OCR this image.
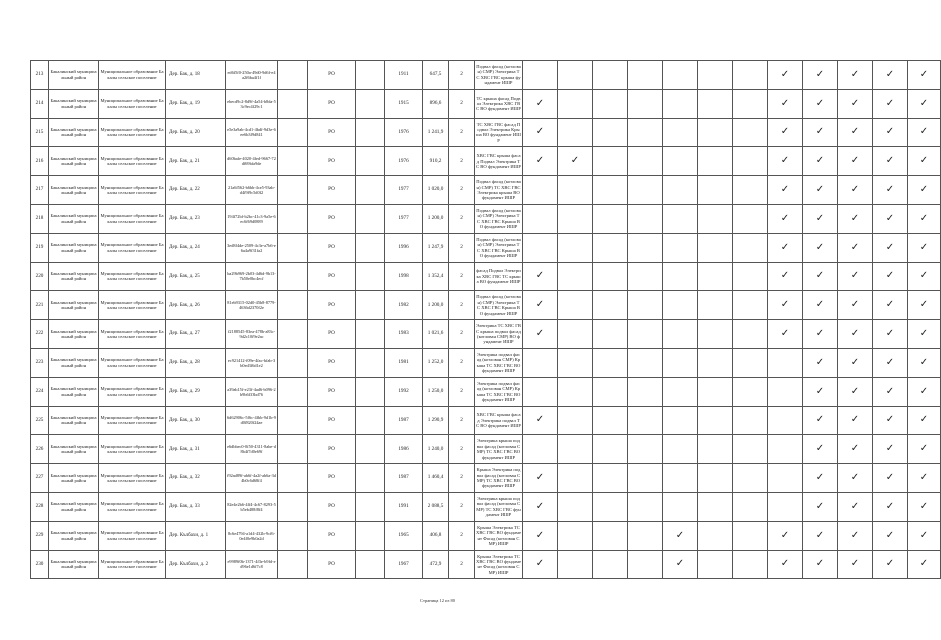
213	Бакалинский муниципальный район	Муниципальное образование Бакалы сельское поселение	Дер. Бак, д. 18	ed6f5f0-250a-49d0-9d6f-e4a2f6ba4f1f		РО		1911	647,5	2	Подвал фасад (котлован) СМР) Электрика ТС ХВС ГВС крыша фундамент ИШР								✓	✓	✓	✓	✓
214	Бакалинский муниципальный район	Муниципальное образование Бакалы сельское поселение	Дер. Бак, д. 19	ebecd9c2-8d9f-4a54-b8da-53c9ec4f29c1		РО		1915	896,6	2	ТС крыша фасад Подвал Электрика ХВС ГВС ВО фундамент ИШР	✓							✓	✓	✓	✓	✓
215	Бакалинский муниципальный район	Муниципальное образование Бакалы сельское поселение	Дер. Бак, д. 20	e5e3a9ab-4cd1-4bdf-9d3e-6ee6b3f9d841		РО		1976	1 241,9	2	ТС ХВС ГВС фасад Подвал Электрика Крыша ВО фундамент ИШР	✓							✓	✓	✓	✓	✓
216	Бакалинский муниципальный район	Муниципальное образование Бакалы сельское поселение	Дер. Бак, д. 21	d60bafe-4020-4fed-9667-72df69bfa9de		РО		1976	910,2	2	ХВС ГВС крыша фасад Подвал Электрика ТС ВО фундамент ИШР	✓	✓						✓	✓	✓	✓	✓
217	Бакалинский муниципальный район	Муниципальное образование Бакалы сельское поселение	Дер. Бак, д. 22	21a6f562-b6bb-4ce5-93ab-d4f9f9c5d0f2		РО		1977	1 020,0	2	Подвал фасад (котлован) СМР) ТС ХВС ГВС Электрика крыша ВО фундамент ИШР								✓	✓	✓	✓	✓
218	Бакалинский муниципальный район	Муниципальное образование Бакалы сельское поселение	Дер. Бак, д. 23	194f72bf-b2bc-41c3-9a5e-6ec6f69d0889		РО		1977	1 200,0	2	Подвал фасад (котлован) СМР) Электрика ТС ХВС ГВС Крыша ВО фундамент ИШР								✓	✓	✓	✓	✓
219	Бакалинский муниципальный район	Муниципальное образование Бакалы сельское поселение	Дер. Бак, д. 24	3ed8f4de-2509-4c3e-a7b6-e6a4a9f31fa2		РО		1996	1 247,9	2	Подвал фасад (котлован) СМР) Электрика ТС ХВС ГВС Крыша ВО фундамент ИШР								✓	✓	✓	✓	✓
220	Бакалинский муниципальный район	Муниципальное образование Бакалы сельское поселение	Дер. Бак, д. 25	ba29b969-2b03-4d6d-9b13-7b50e0bc4ecf		РО		1998	1 352,4	2	фасад Подвал Электрика ХВС ГВС ТС крыша ВО фундамент ИШР	✓							✓	✓	✓	✓	✓
221	Бакалинский муниципальный район	Муниципальное образование Бакалы сельское поселение	Дер. Бак, д. 26	81eb9315-02d0-45b8-8779-4636d2370f2e		РО		1982	1 200,0	2	Подвал фасад (котлован) СМР) Электрика ТС ХВС ГВС Крыша ВО фундамент ИШР	✓							✓	✓	✓	✓	✓
222	Бакалинский муниципальный район	Муниципальное образование Бакалы сельское поселение	Дер. Бак, д. 27	f2188545-83ea-478b-a83c-9d2c10f9e2ac		РО		1983	1 021,6	2	Электрика ТС ХВС ГВС крыша подвал фасад (котлован СМР) ВО фундамент ИШР	✓							✓	✓	✓	✓	✓
223	Бакалинский муниципальный район	Муниципальное образование Бакалы сельское поселение	Дер. Бак, д. 28	ec921412-f09e-4fac-bfab-3b0ed3f6d1e2		РО		1981	1 252,0	2	Электрика подвал фасад (котлован СМР) Крыша ТС ХВС ГВС ВО фундамент ИШР									✓	✓	✓	✓
224	Бакалинский муниципальный район	Муниципальное образование Бакалы сельское поселение	Дер. Бак, д. 29	a39ab15f-e23f-4ad6-b096-2b9b6f33bd76		РО		1992	1 250,0	2	Электрика подвал фасад (котлован СМР) Крыша ТС ХВС ГВС ВО фундамент ИШР									✓	✓	✓	✓
225	Бакалинский муниципальный район	Муниципальное образование Бакалы сельское поселение	Дер. Бак, д. 30	6d62906c-5f6c-4fbb-9d1b-9d0f820f24ae		РО		1987	1 290,9	2	ХВС ГВС крыша фасад Электрика подвал ТС ВО фундамент ИШР	✓								✓	✓	✓	✓
226	Бакалинский муниципальный район	Муниципальное образование Бакалы сельское поселение	Дер. Бак, д. 31	e6dbbec0-0f50-4311-8abe-d8b4f7d0e69f		РО		1986	1 240,0	2	Электрика крыша подвал фасад (котлован СМР) ТС ХВС ГВС ВО фундамент ИШР									✓	✓	✓	✓
227	Бакалинский муниципальный район	Муниципальное образование Бакалы сельское поселение	Дер. Бак, д. 32	f92ad89f-ab6f-4a2f-ab6a-3d4b0c6d68f4		РО		1987	1 460,4	2	Крыша Электрика подвал фасад (котлован СМР) ТС ХВС ГВС ВО фундамент ИШР	✓								✓	✓	✓	✓
228	Бакалинский муниципальный район	Муниципальное образование Бакалы сельское поселение	Дер. Бак, д. 33	82e4e2b6-4ff4-4c67-8293-5b5eb488f8f4		РО		1991	2 088,5	2	Электрика крыша подвал фасад (котлован СМР) ТС ХВС ГВС фундамент ИШР	✓								✓	✓	✓	✓
229	Бакалинский муниципальный район	Муниципальное образование Бакалы сельское поселение	Дер. Кълбахи, д. 1	8c6e4794-a1d4-432b-9cf6-0e4f0e9b0a2d		РО		1965	406,8	2	Крыша Электрика ТС ХВС ГВС ВО фундамент Фасад (котлован СМР) ИШР	✓				✓			✓	✓	✓	✓	✓
230	Бакалинский муниципальный район	Муниципальное образование Бакалы сельское поселение	Дер. Кълбахи, д. 2	e9989f0b-1371-4f3e-b9fd-ed96e1d6f7c8		РО		1967	472,9	2	Крыша Электрика ТС ХВС ГВС ВО фундамент Фасад (котлован СМР) ИШР	✓				✓			✓	✓	✓	✓	✓
Страница 12 из 80
